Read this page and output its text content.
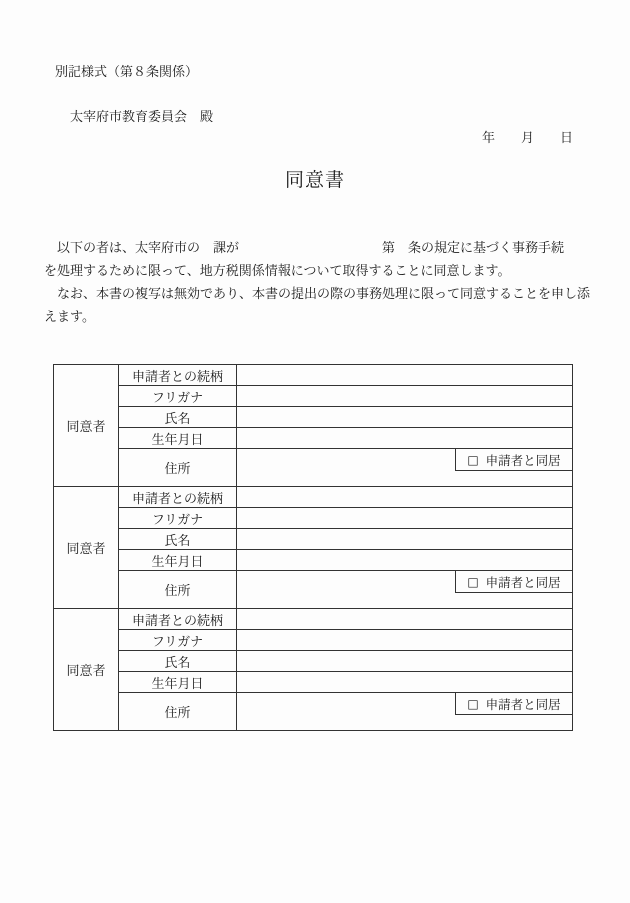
別記様式（第８条関係）
太宰府市教育委員会　殿
年　　月　　日
同意書
　以下の者は、太宰府市の　課が　　　　　　　　　　　第　条の規定に基づく事務手続
を処理するために限って、地方税関係情報について取得することに同意します。
　なお、本書の複写は無効であり、本書の提出の際の事務処理に限って同意することを申し添
えます。
同意者	申請者との続柄	
	フリガナ	
	氏名	
	生年月日	
	住所	□ 申請者と同居

同意者	申請者との続柄	
	フリガナ	
	氏名	
	生年月日	
	住所	□ 申請者と同居

同意者	申請者との続柄	
	フリガナ	
	氏名	
	生年月日	
	住所	□ 申請者と同居
